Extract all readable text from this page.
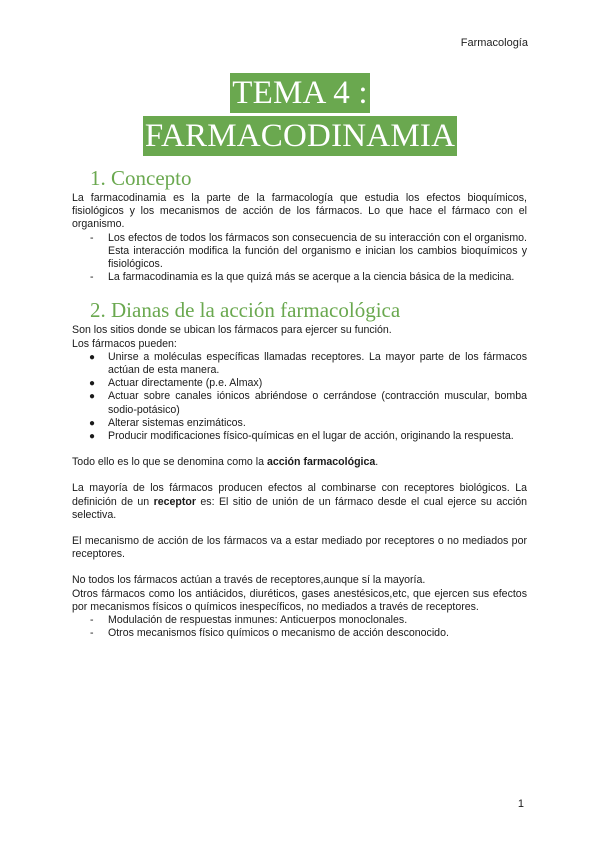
Farmacología
TEMA 4 :
FARMACODINAMIA
1. Concepto

La farmacodinamia es la parte de la farmacología que estudia los efectos bioquímicos, fisiológicos y los mecanismos de acción de los fármacos. Lo que hace el fármaco con el organismo.

- Los efectos de todos los fármacos son consecuencia de su interacción con el organismo. Esta interacción modifica la función del organismo e inician los cambios bioquímicos y fisiológicos.
- La farmacodinamia es la que quizá más se acerque a la ciencia básica de la medicina.
2. Dianas de la acción farmacológica

Son los sitios donde se ubican los fármacos para ejercer su función.

Los fármacos pueden:

● Unirse a moléculas específicas llamadas receptores. La mayor parte de los fármacos actúan de esta manera.
● Actuar directamente (p.e. Almax)
● Actuar sobre canales iónicos abriéndose o cerrándose (contracción muscular, bomba sodio-potásico)
● Alterar sistemas enzimáticos.
● Producir modificaciones físico-químicas en el lugar de acción, originando la respuesta.

Todo ello es lo que se denomina como la acción farmacológica.

La mayoría de los fármacos producen efectos al combinarse con receptores biológicos. La definición de un receptor es: El sitio de unión de un fármaco desde el cual ejerce su acción selectiva.

El mecanismo de acción de los fármacos va a estar mediado por receptores o no mediados por receptores.

No todos los fármacos actúan a través de receptores,aunque sí la mayoría.

Otros fármacos como los antiácidos, diuréticos, gases anestésicos,etc, que ejercen sus efectos por mecanismos físicos o químicos inespecíficos, no mediados a través de receptores.

- Modulación de respuestas inmunes: Anticuerpos monoclonales.
- Otros mecanismos físico químicos o mecanismo de acción desconocido.
1
